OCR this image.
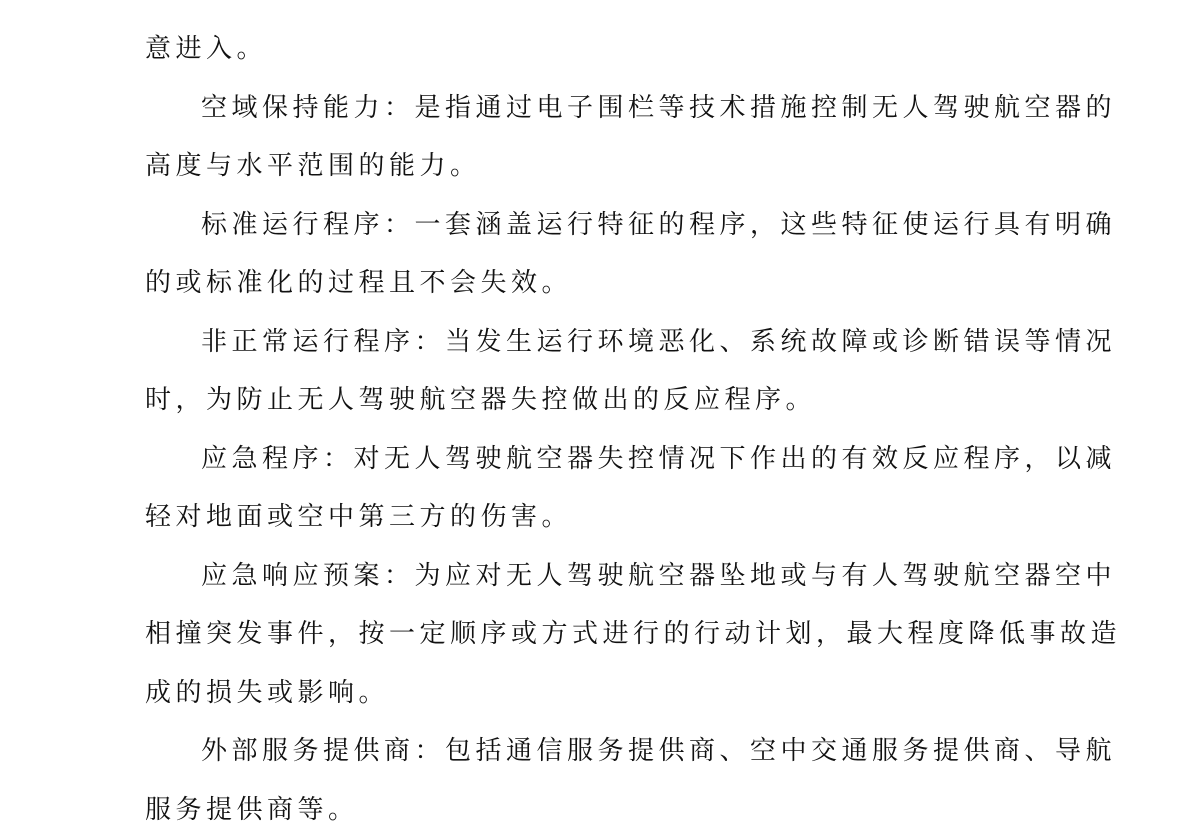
意进入。
空域保持能力：是指通过电子围栏等技术措施控制无人驾驶航空器的
高度与水平范围的能力。
标准运行程序：一套涵盖运行特征的程序，这些特征使运行具有明确
的或标准化的过程且不会失效。
非正常运行程序：当发生运行环境恶化、系统故障或诊断错误等情况
时，为防止无人驾驶航空器失控做出的反应程序。
应急程序：对无人驾驶航空器失控情况下作出的有效反应程序，以减
轻对地面或空中第三方的伤害。
应急响应预案：为应对无人驾驶航空器坠地或与有人驾驶航空器空中
相撞突发事件，按一定顺序或方式进行的行动计划，最大程度降低事故造
成的损失或影响。
外部服务提供商：包括通信服务提供商、空中交通服务提供商、导航
服务提供商等。
